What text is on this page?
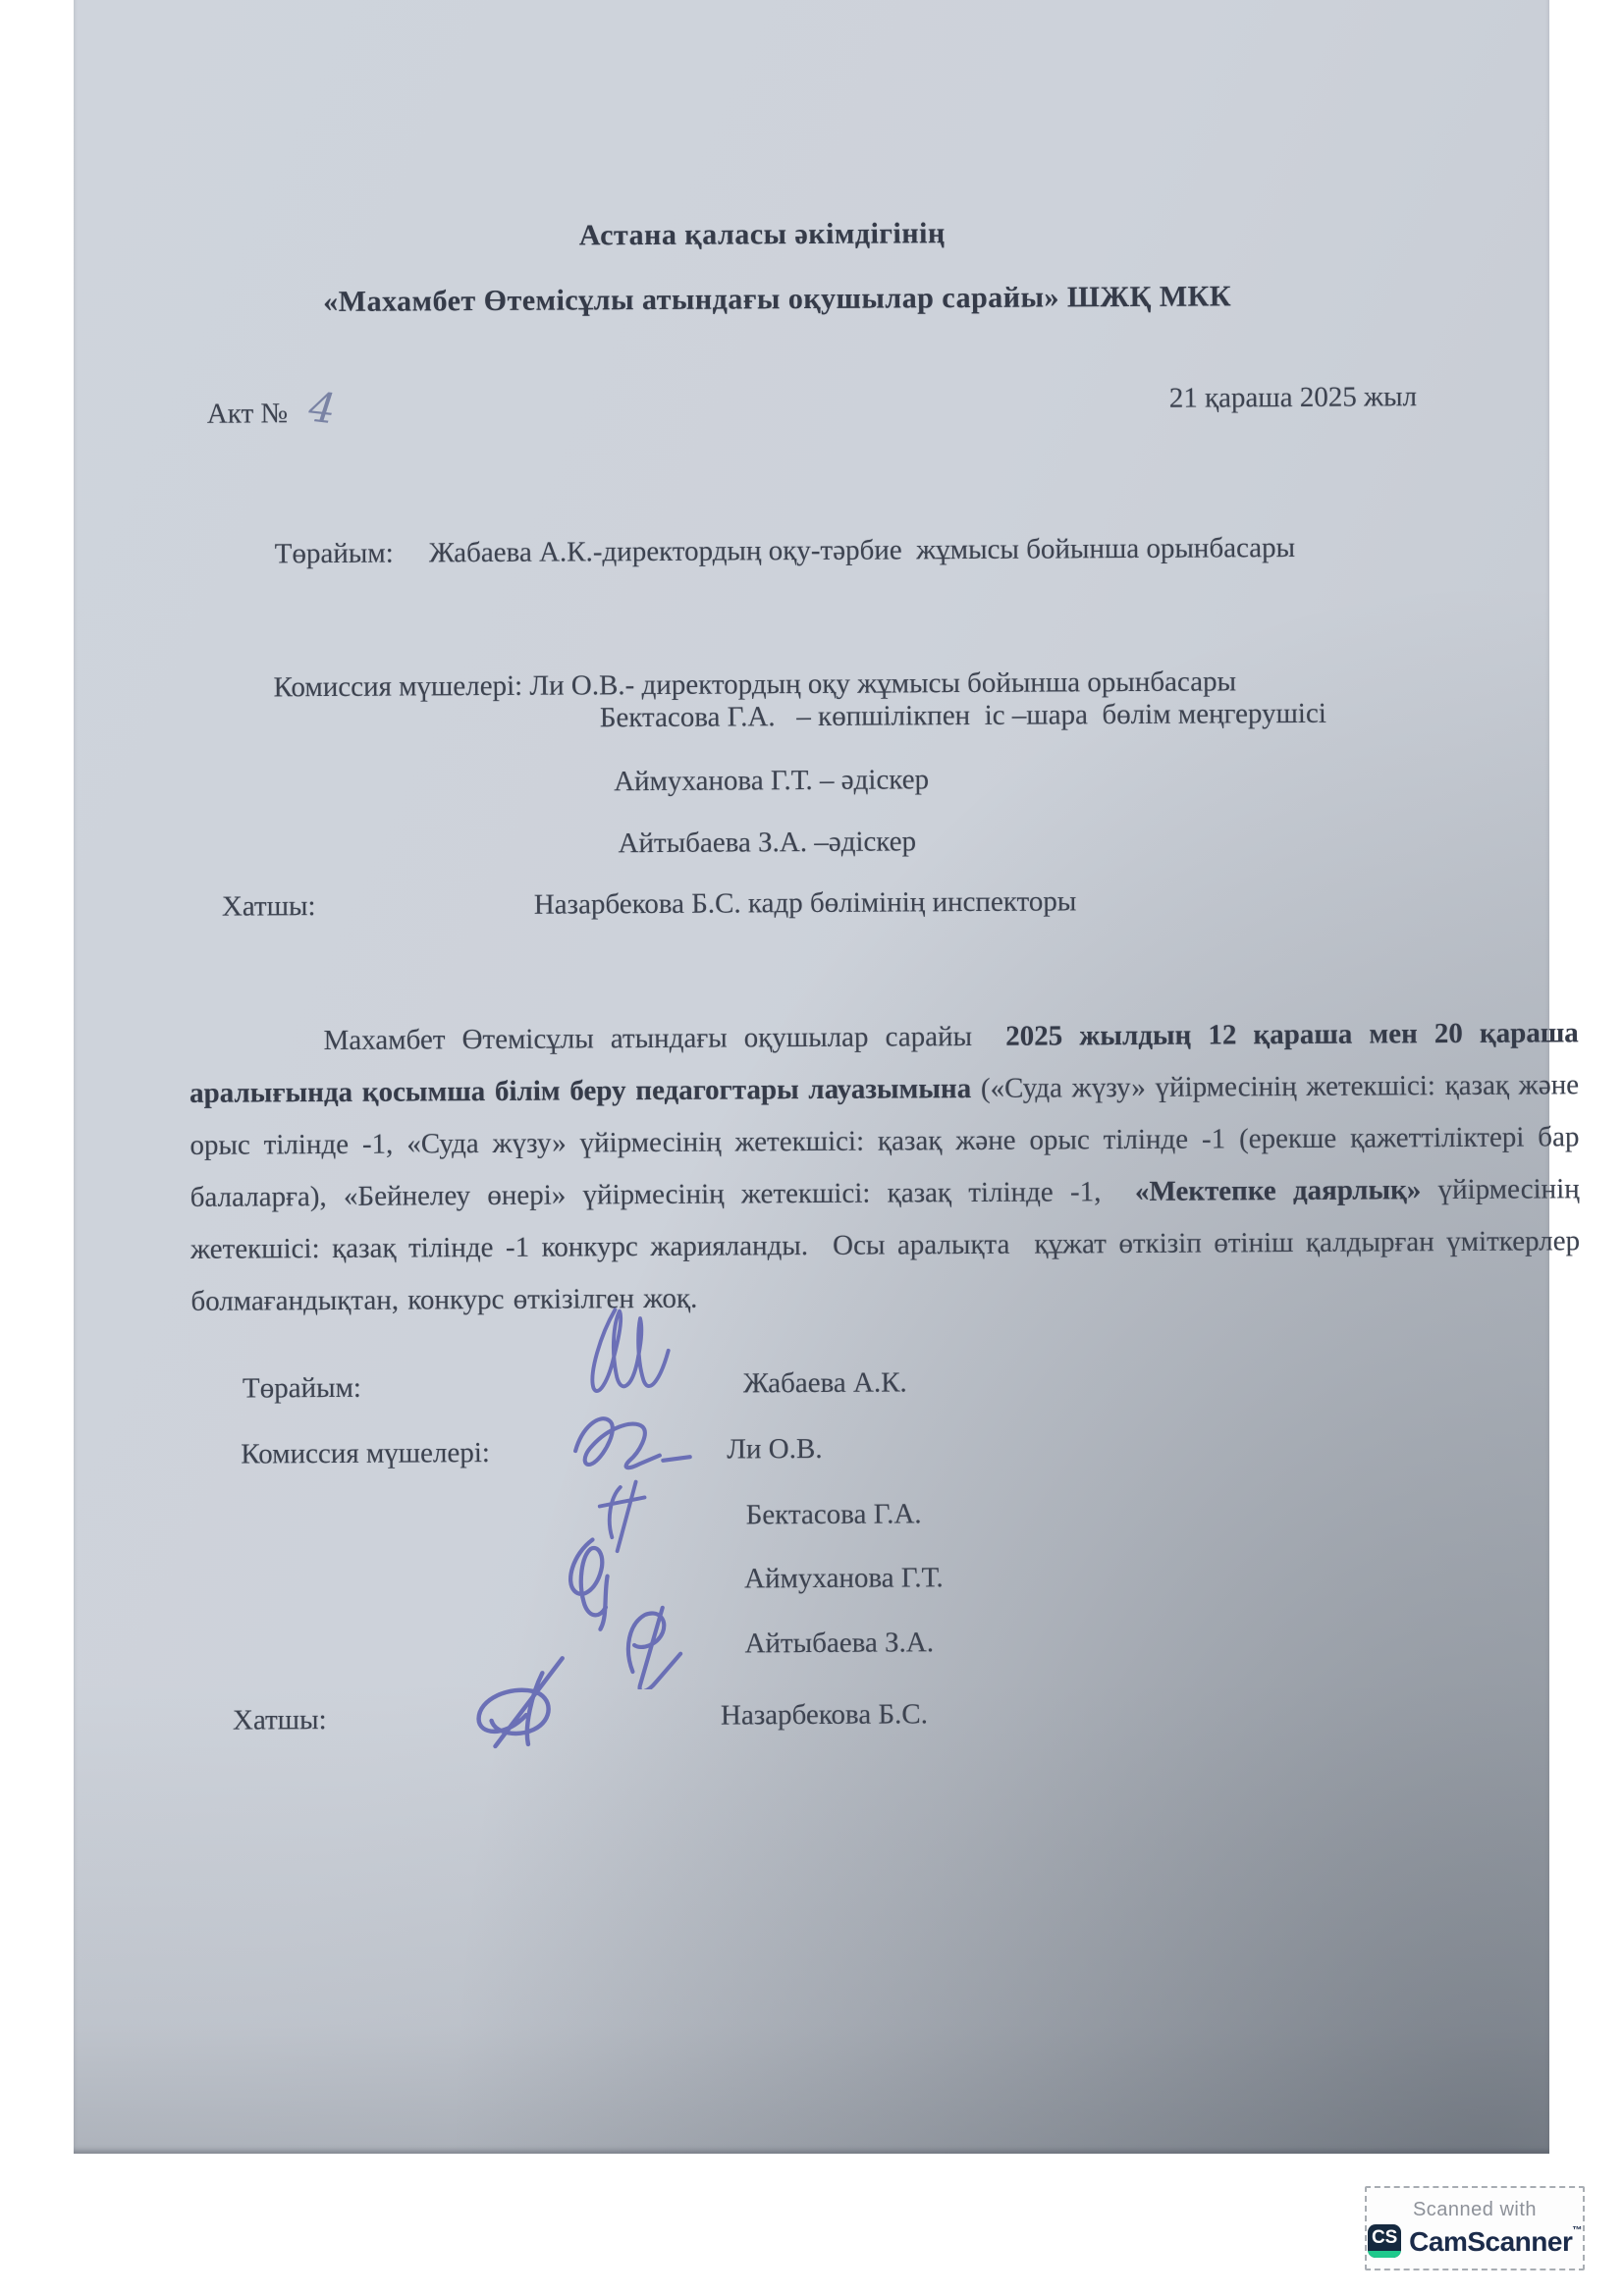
Астана қаласы әкімдігінің
«Махамбет Өтемісұлы атындағы оқушылар сарайы» ШЖҚ МКК
Акт № 4	21 қараша 2025 жыл

Төрайым: Жабаева А.К.-директордың оқу-тәрбие  жұмысы бойынша орынбасары

Комиссия мүшелері: Ли О.В.- директордың оқу жұмысы бойынша орынбасары

Бектасова Г.А.   – көпшілікпен  іс –шара  бөлім меңгерушісі
Аймуханова Г.Т. – әдіскер
Айтыбаева З.А. –әдіскер
Хатшы:	Назарбекова Б.С. кадр бөлімінің инспекторы

Махамбет Өтемісұлы атындағы оқушылар сарайы  2025 жылдың 12 қараша мен 20 қараша  аралығында қосымша білім беру педагогтары лауазымына («Суда жүзу» үйірмесінің жетекшісі: қазақ және орыс тілінде -1, «Суда жүзу» үйірмесінің жетекшісі: қазақ және орыс тілінде -1 (ерекше қажеттіліктері бар балаларға), «Бейнелеу өнері» үйірмесінің жетекшісі: қазақ тілінде -1,  «Мектепке даярлық» үйірмесінің жетекшісі: қазақ тілінде -1 конкурс жарияланды.  Осы аралықта  құжат өткізіп өтініш қалдырған үміткерлер болмағандықтан, конкурс өткізілген жоқ.

Төрайым:	Жабаева А.К.
Комиссия мүшелері:	Ли О.В.
Бектасова Г.А.
Аймуханова Г.Т.
Айтыбаева З.А.
Хатшы:	Назарбекова Б.С.
Scanned with
CS CamScanner™
